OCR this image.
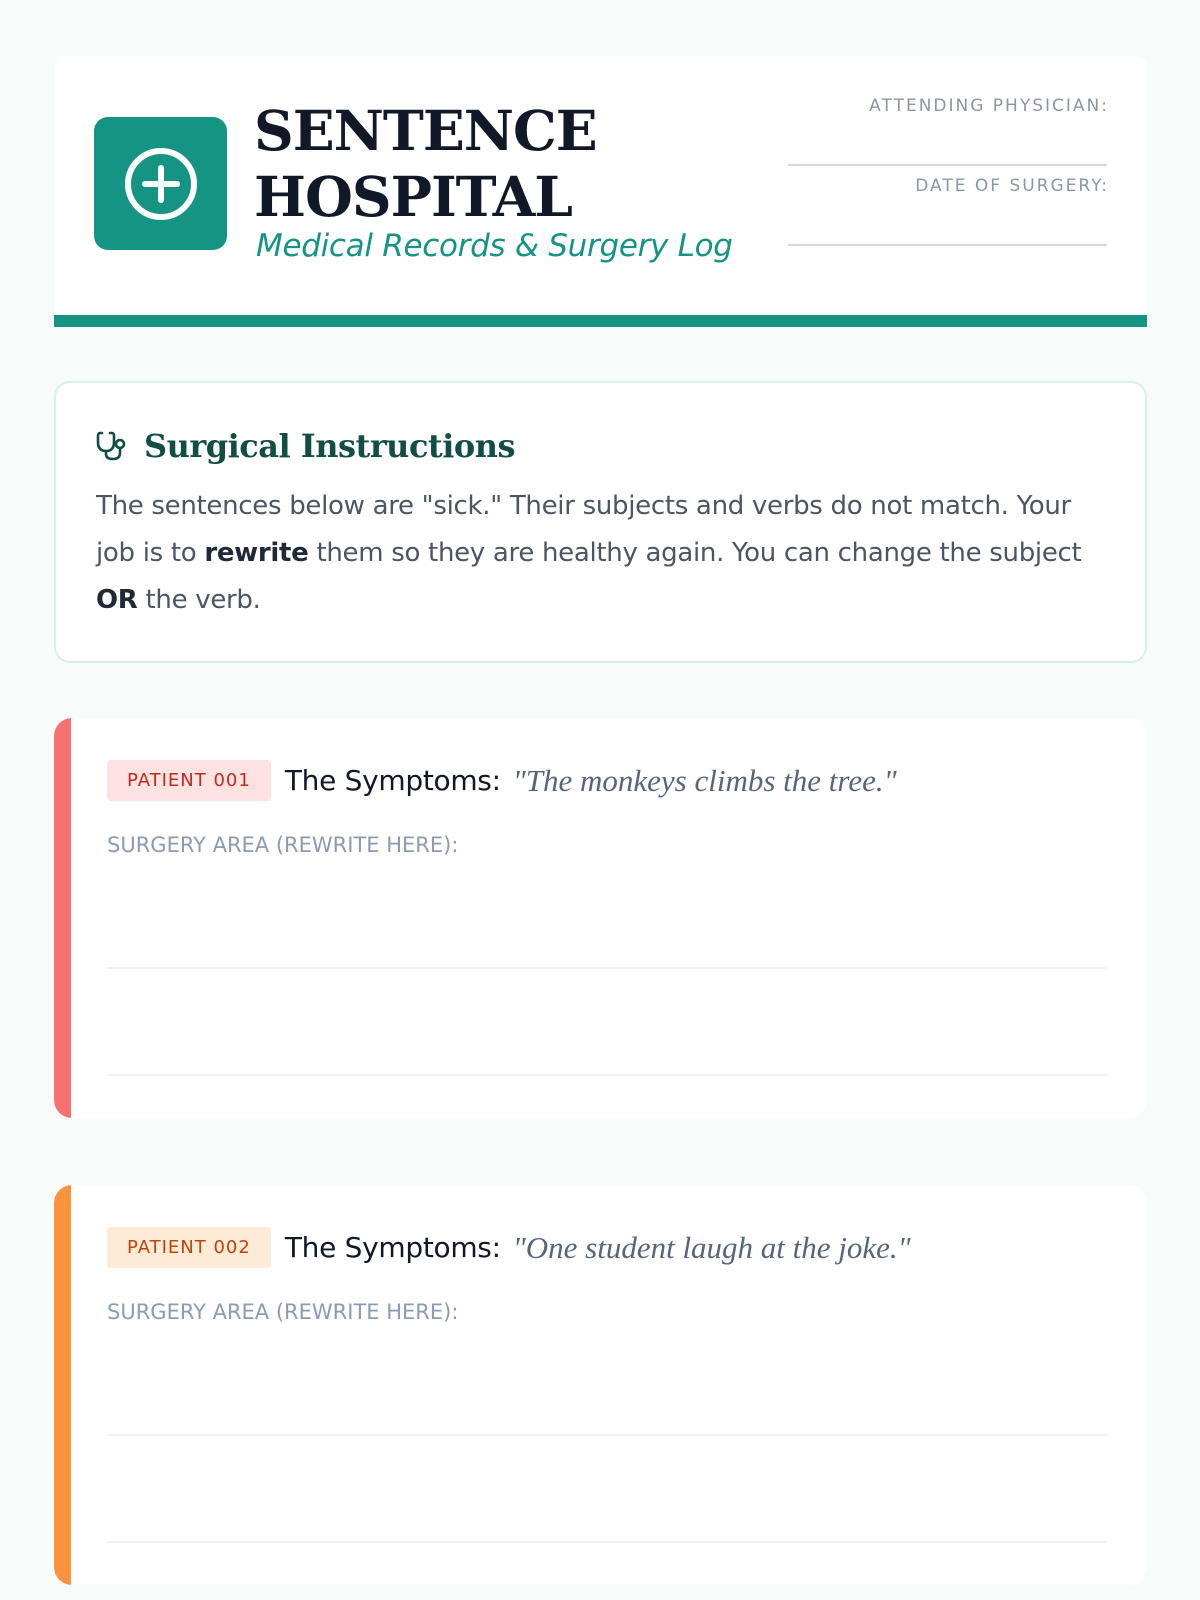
SENTENCE
HOSPITAL
Medical Records & Surgery Log
ATTENDING PHYSICIAN:
DATE OF SURGERY:
Surgical Instructions

The sentences below are "sick." Their subjects and verbs do not match. Your job is to rewrite them so they are healthy again. You can change the subject OR the verb.

PATIENT 001	The Symptoms: "The monkeys climbs the tree."
SURGERY AREA (REWRITE HERE):
PATIENT 002	The Symptoms: "One student laugh at the joke."
SURGERY AREA (REWRITE HERE):
